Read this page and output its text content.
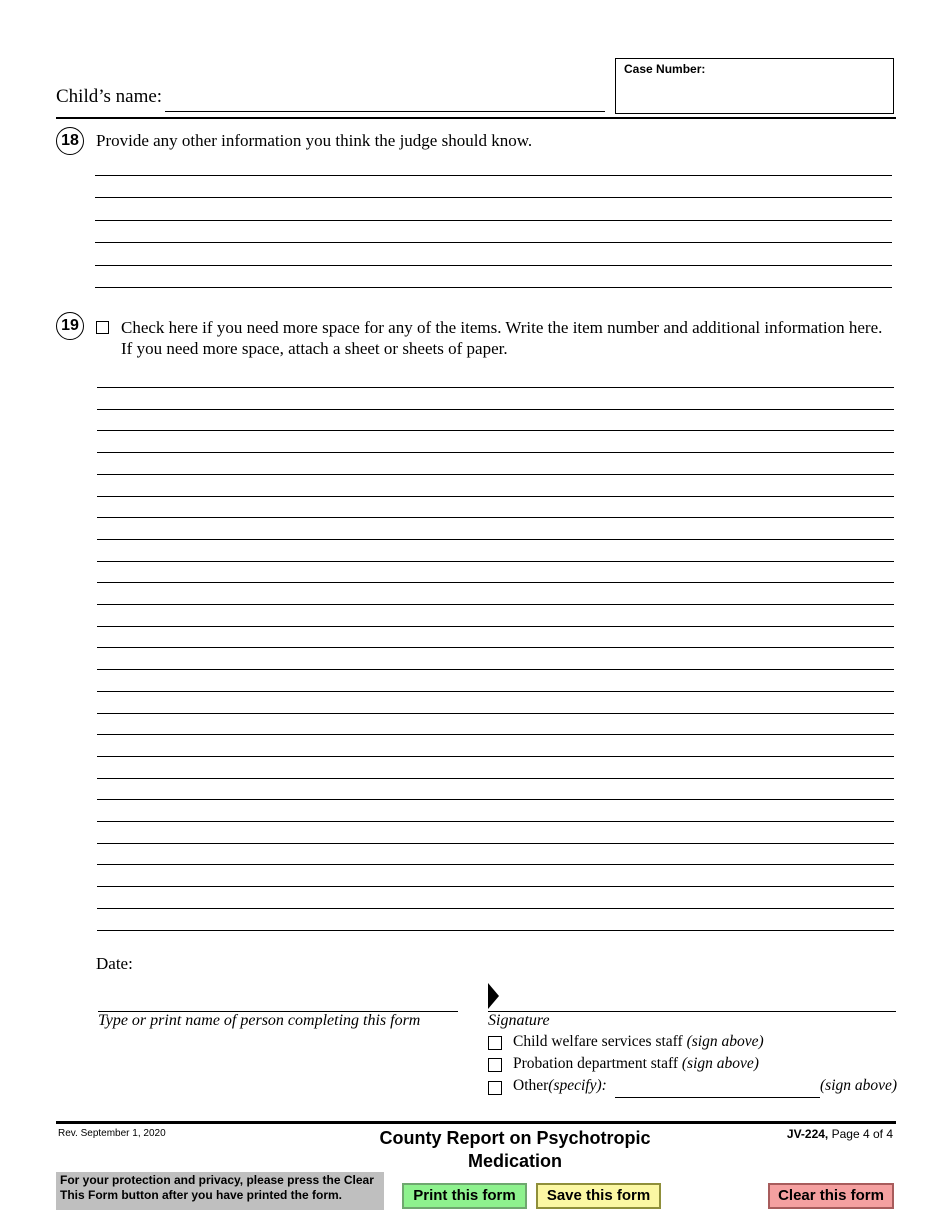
Child’s name:
Case Number:
18	Provide any other information you think the judge should know.
19	Check here if you need more space for any of the items. Write the item number and additional information here.
If you need more space, attach a sheet or sheets of paper.
Date:
Type or print name of person completing this form	Signature
Child welfare services staff (sign above)
Probation department staff (sign above)
Other(specify):	(sign above)
Rev. September 1, 2020	County Report on Psychotropic
Medication
JV-224, Page 4 of 4
For your protection and privacy, please press the Clear
This Form button after you have printed the form.	Print this form	Save this form	Clear this form
